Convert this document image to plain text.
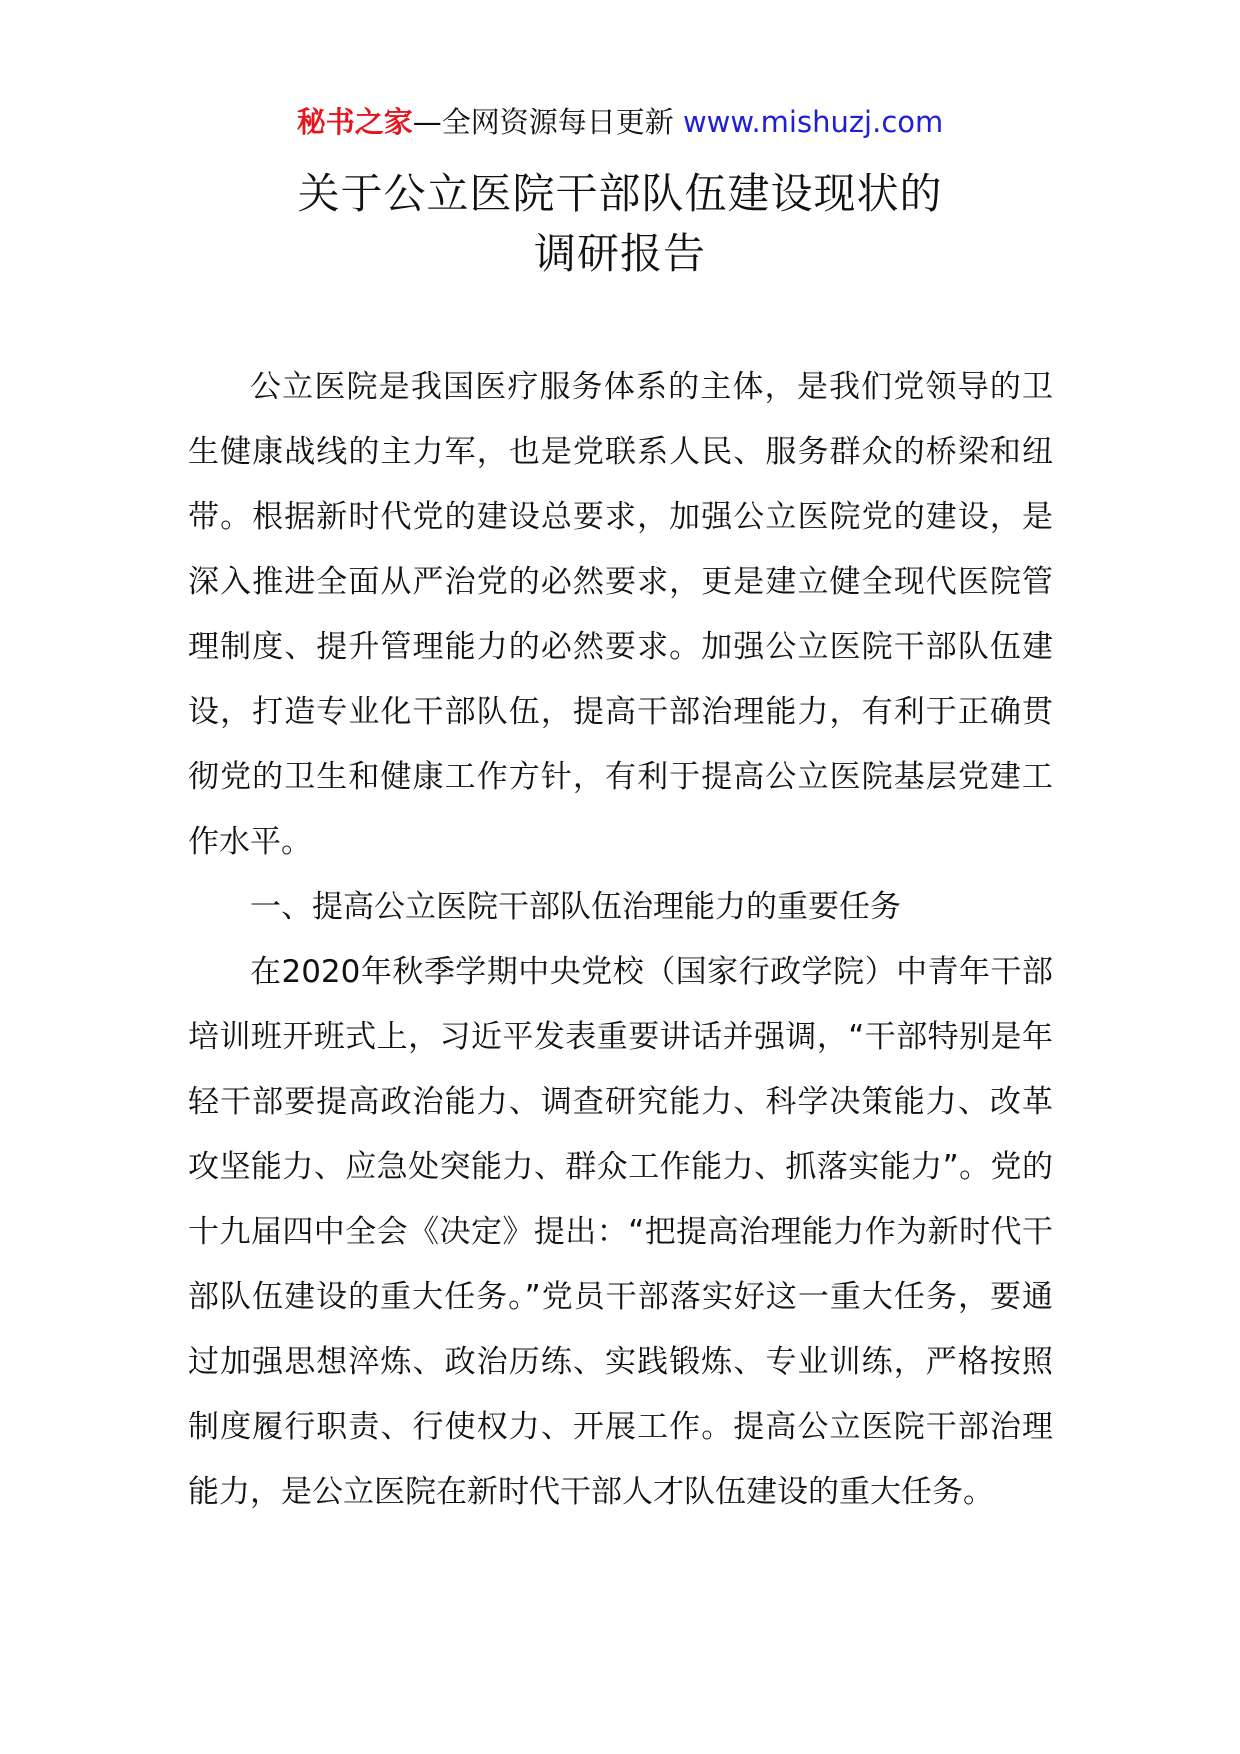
秘书之家—全网资源每日更新 www.mishuzj.com
关于公立医院干部队伍建设现状的
调研报告

公立医院是我国医疗服务体系的主体，是我们党领导的卫生健康战线的主力军，也是党联系人民、服务群众的桥梁和纽带。根据新时代党的建设总要求，加强公立医院党的建设，是深入推进全面从严治党的必然要求，更是建立健全现代医院管理制度、提升管理能力的必然要求。加强公立医院干部队伍建设，打造专业化干部队伍，提高干部治理能力，有利于正确贯彻党的卫生和健康工作方针，有利于提高公立医院基层党建工作水平。

一、提高公立医院干部队伍治理能力的重要任务

在2020年秋季学期中央党校（国家行政学院）中青年干部培训班开班式上，习近平发表重要讲话并强调，“干部特别是年轻干部要提高政治能力、调查研究能力、科学决策能力、改革攻坚能力、应急处突能力、群众工作能力、抓落实能力”。党的十九届四中全会《决定》提出：“把提高治理能力作为新时代干部队伍建设的重大任务。”党员干部落实好这一重大任务，要通过加强思想淬炼、政治历练、实践锻炼、专业训练，严格按照制度履行职责、行使权力、开展工作。提高公立医院干部治理能力，是公立医院在新时代干部人才队伍建设的重大任务。
